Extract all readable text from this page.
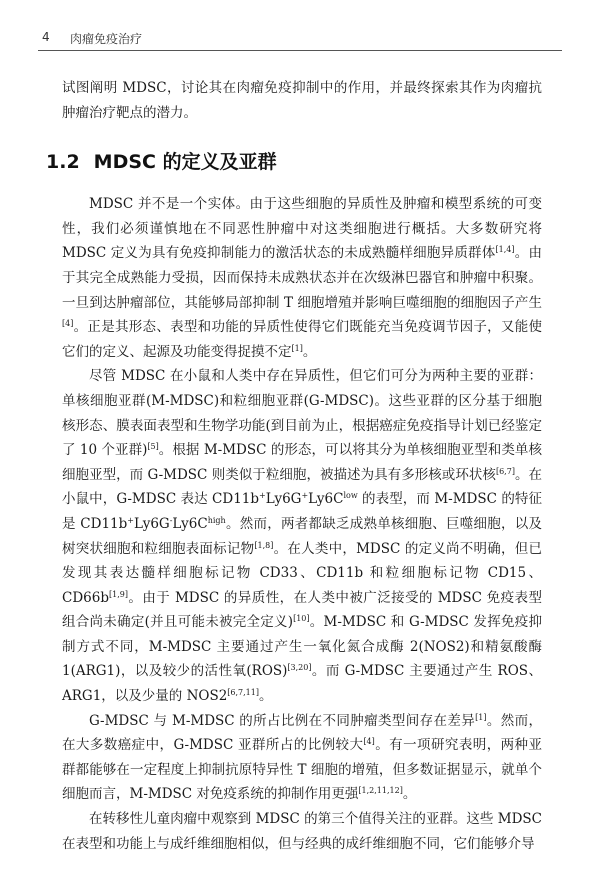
4 肉瘤免疫治疗

试图阐明 MDSC，讨论其在肉瘤免疫抑制中的作用，并最终探索其作为肉瘤抗肿瘤治疗靶点的潜力。

1.2 MDSC 的定义及亚群

MDSC 并不是一个实体。由于这些细胞的异质性及肿瘤和模型系统的可变性，我们必须谨慎地在不同恶性肿瘤中对这类细胞进行概括。大多数研究将 MDSC 定义为具有免疫抑制能力的激活状态的未成熟髓样细胞异质群体[1,4]。由于其完全成熟能力受损，因而保持未成熟状态并在次级淋巴器官和肿瘤中积聚。一旦到达肿瘤部位，其能够局部抑制 T 细胞增殖并影响巨噬细胞的细胞因子产生[4]。正是其形态、表型和功能的异质性使得它们既能充当免疫调节因子，又能使它们的定义、起源及功能变得捉摸不定[1]。

尽管 MDSC 在小鼠和人类中存在异质性，但它们可分为两种主要的亚群：单核细胞亚群(M-MDSC)和粒细胞亚群(G-MDSC)。这些亚群的区分基于细胞核形态、膜表面表型和生物学功能(到目前为止，根据癌症免疫指导计划已经鉴定了 10 个亚群)[5]。根据 M-MDSC 的形态，可以将其分为单核细胞亚型和类单核细胞亚型，而 G-MDSC 则类似于粒细胞，被描述为具有多形核或环状核[6,7]。在小鼠中，G-MDSC 表达 $CD11b^+Ly6G^+Ly6C^{low}$ 的表型，而 M-MDSC 的特征是 $CD11b^+Ly6G^-Ly6C^{high}$。然而，两者都缺乏成熟单核细胞、巨噬细胞，以及树突状细胞和粒细胞表面标记物[1,8]。在人类中，MDSC 的定义尚不明确，但已发现其表达髓样细胞标记物 CD33、CD11b 和粒细胞标记物 CD15、CD66b[1,9]。由于 MDSC 的异质性，在人类中被广泛接受的 MDSC 免疫表型组合尚未确定(并且可能未被完全定义)[10]。M-MDSC 和 G-MDSC 发挥免疫抑制方式不同，M-MDSC 主要通过产生一氧化氮合成酶 2(NOS2)和精氨酸酶 1(ARG1)，以及较少的活性氧(ROS)[3,20]。而 G-MDSC 主要通过产生 ROS、ARG1，以及少量的 NOS2[6,7,11]。

G-MDSC 与 M-MDSC 的所占比例在不同肿瘤类型间存在差异[1]。然而，在大多数癌症中，G-MDSC 亚群所占的比例较大[4]。有一项研究表明，两种亚群都能够在一定程度上抑制抗原特异性 T 细胞的增殖，但多数证据显示，就单个细胞而言，M-MDSC 对免疫系统的抑制作用更强[1,2,11,12]。

在转移性儿童肉瘤中观察到 MDSC 的第三个值得关注的亚群。这些 MDSC 在表型和功能上与成纤维细胞相似，但与经典的成纤维细胞不同，它们能够介导
